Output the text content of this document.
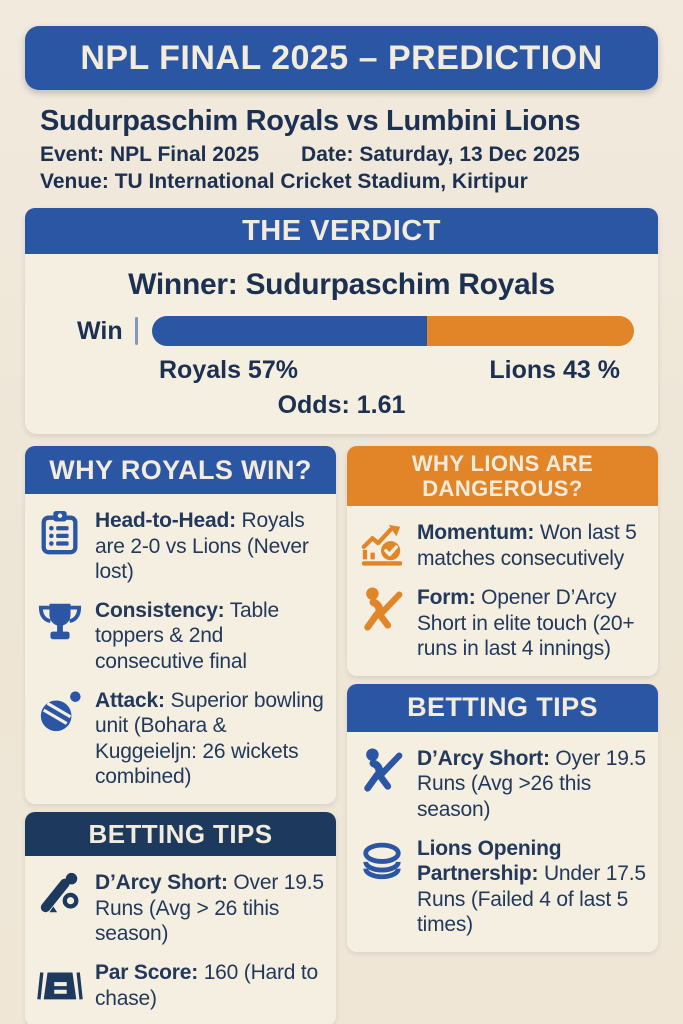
NPL FINAL 2025 – PREDICTION
Sudurpaschim Royals vs Lumbini Lions
Event: NPL Final 2025 Date: Saturday, 13 Dec 2025
Venue: TU International Cricket Stadium, Kirtipur
THE VERDICT
Winner: Sudurpaschim Royals
Win
Royals 57%	Lions 43 %
Odds: 1.61
WHY ROYALS WIN?
Head-to-Head: Royals are 2-0 vs Lions (Never lost)
Consistency: Table toppers & 2nd consecutive final
Attack: Superior bowling unit (Bohara & Kuggeieljn: 26 wickets combined)
BETTING TIPS
D’Arcy Short: Over 19.5 Runs (Avg > 26 tihis season)
Par Score: 160 (Hard to chase)
WHY LIONS ARE DANGEROUS?
Momentum: Won last 5 matches consecutively
Form: Opener D’Arcy Short in elite touch (20+ runs in last 4 innings)
BETTING TIPS
D’Arcy Short: Oyer 19.5 Runs (Avg >26 this season)
Lions Opening Partnership: Under 17.5 Runs (Failed 4 of last 5 times)
